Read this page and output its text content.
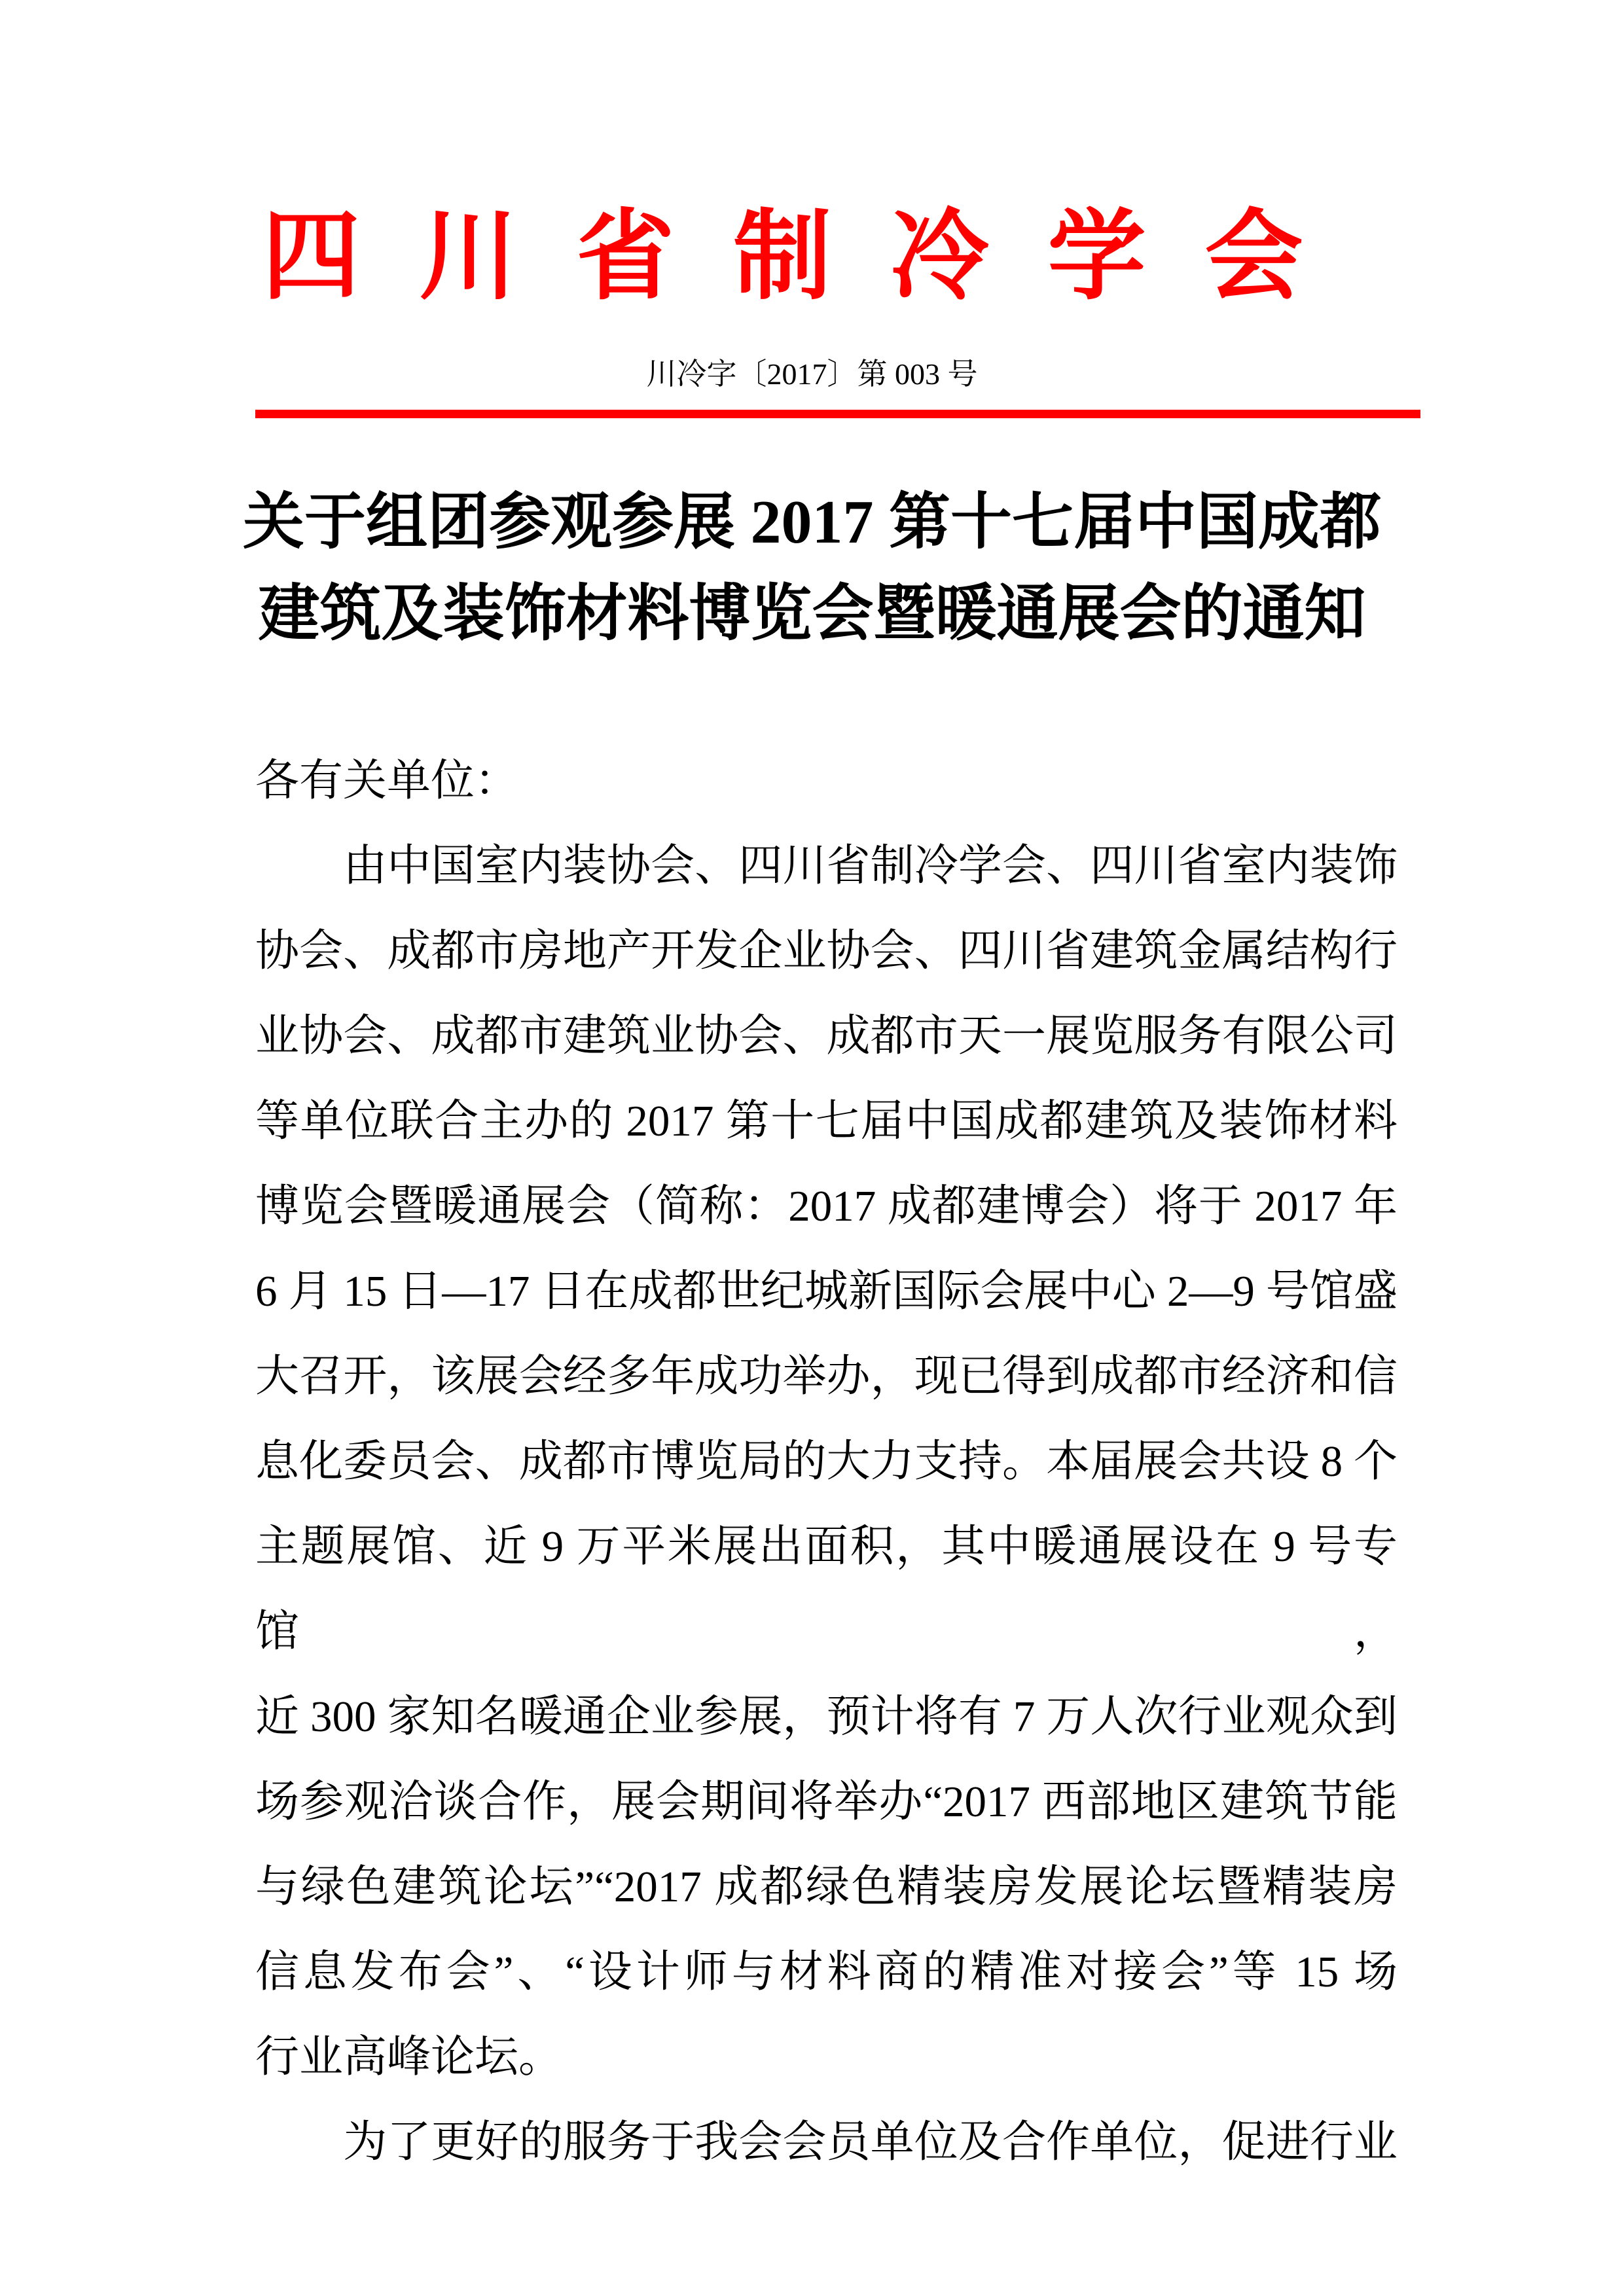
四川省制冷学会
川冷字〔2017〕第 003 号
关于组团参观参展 2017 第十七届中国成都
建筑及装饰材料博览会暨暖通展会的通知
各有关单位：
　　由中国室内装协会、四川省制冷学会、四川省室内装饰
协会、成都市房地产开发企业协会、四川省建筑金属结构行
业协会、成都市建筑业协会、成都市天一展览服务有限公司
等单位联合主办的 2017 第十七届中国成都建筑及装饰材料
博览会暨暖通展会（简称：2017 成都建博会）将于 2017 年
6 月 15 日—17 日在成都世纪城新国际会展中心 2—9 号馆盛
大召开，该展会经多年成功举办，现已得到成都市经济和信
息化委员会、成都市博览局的大力支持。本届展会共设 8 个
主题展馆、近 9 万平米展出面积，其中暖通展设在 9 号专馆，
近 300 家知名暖通企业参展，预计将有 7 万人次行业观众到
场参观洽谈合作，展会期间将举办“2017 西部地区建筑节能
与绿色建筑论坛”“2017 成都绿色精装房发展论坛暨精装房
信息发布会”、“设计师与材料商的精准对接会”等 15 场
行业高峰论坛。
　　为了更好的服务于我会会员单位及合作单位，促进行业
